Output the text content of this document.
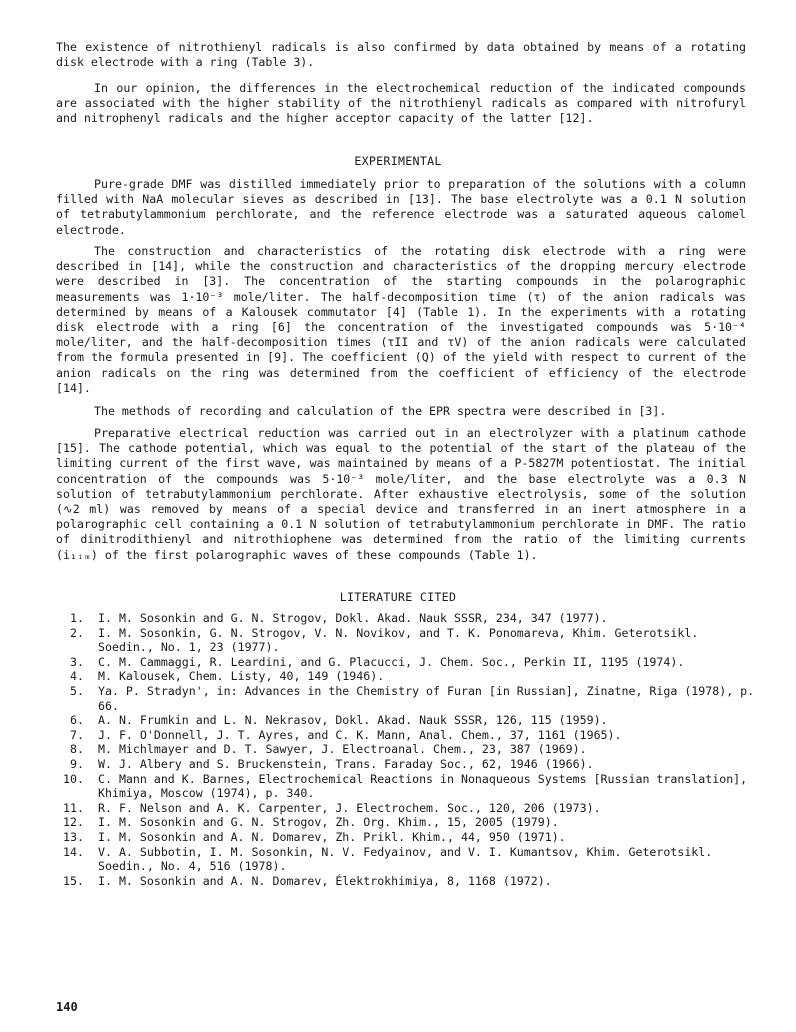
The existence of nitrothienyl radicals is also confirmed by data obtained by means of a rotating disk electrode with a ring (Table 3).

In our opinion, the differences in the electrochemical reduction of the indicated compounds are associated with the higher stability of the nitrothienyl radicals as compared with nitrofuryl and nitrophenyl radicals and the higher acceptor capacity of the latter [12].

EXPERIMENTAL

Pure-grade DMF was distilled immediately prior to preparation of the solutions with a column filled with NaA molecular sieves as described in [13]. The base electrolyte was a 0.1 N solution of tetrabutylammonium perchlorate, and the reference electrode was a saturated aqueous calomel electrode.

The construction and characteristics of the rotating disk electrode with a ring were described in [14], while the construction and characteristics of the dropping mercury electrode were described in [3]. The concentration of the starting compounds in the polarographic measurements was 1·10⁻³ mole/liter. The half-decomposition time (τ) of the anion radicals was determined by means of a Kalousek commutator [4] (Table 1). In the experiments with a rotating disk electrode with a ring [6] the concentration of the investigated compounds was 5·10⁻⁴ mole/liter, and the half-decomposition times (τII and τV) of the anion radicals were calculated from the formula presented in [9]. The coefficient (Q) of the yield with respect to current of the anion radicals on the ring was determined from the coefficient of efficiency of the electrode [14].

The methods of recording and calculation of the EPR spectra were described in [3].

Preparative electrical reduction was carried out in an electrolyzer with a platinum cathode [15]. The cathode potential, which was equal to the potential of the start of the plateau of the limiting current of the first wave, was maintained by means of a P-5827M potentiostat. The initial concentration of the compounds was 5·10⁻³ mole/liter, and the base electrolyte was a 0.3 N solution of tetrabutylammonium perchlorate. After exhaustive electrolysis, some of the solution (∿2 ml) was removed by means of a special device and transferred in an inert atmosphere in a polarographic cell containing a 0.1 N solution of tetrabutylammonium perchlorate in DMF. The ratio of dinitrodithienyl and nitrothiophene was determined from the ratio of the limiting currents (i₁ᵢₘ) of the first polarographic waves of these compounds (Table 1).

LITERATURE CITED
1. I. M. Sosonkin and G. N. Strogov, Dokl. Akad. Nauk SSSR, 234, 347 (1977).
2. I. M. Sosonkin, G. N. Strogov, V. N. Novikov, and T. K. Ponomareva, Khim. Geterotsikl. Soedin., No. 1, 23 (1977).
3. C. M. Cammaggi, R. Leardini, and G. Placucci, J. Chem. Soc., Perkin II, 1195 (1974).
4. M. Kalousek, Chem. Listy, 40, 149 (1946).
5. Ya. P. Stradyn', in: Advances in the Chemistry of Furan [in Russian], Zinatne, Riga (1978), p. 66.
6. A. N. Frumkin and L. N. Nekrasov, Dokl. Akad. Nauk SSSR, 126, 115 (1959).
7. J. F. O'Donnell, J. T. Ayres, and C. K. Mann, Anal. Chem., 37, 1161 (1965).
8. M. Michlmayer and D. T. Sawyer, J. Electroanal. Chem., 23, 387 (1969).
9. W. J. Albery and S. Bruckenstein, Trans. Faraday Soc., 62, 1946 (1966).
10. C. Mann and K. Barnes, Electrochemical Reactions in Nonaqueous Systems [Russian translation], Khimiya, Moscow (1974), p. 340.
11. R. F. Nelson and A. K. Carpenter, J. Electrochem. Soc., 120, 206 (1973).
12. I. M. Sosonkin and G. N. Strogov, Zh. Org. Khim., 15, 2005 (1979).
13. I. M. Sosonkin and A. N. Domarev, Zh. Prikl. Khim., 44, 950 (1971).
14. V. A. Subbotin, I. M. Sosonkin, N. V. Fedyainov, and V. I. Kumantsov, Khim. Geterotsikl. Soedin., No. 4, 516 (1978).
15. I. M. Sosonkin and A. N. Domarev, Élektrokhimiya, 8, 1168 (1972).
140
